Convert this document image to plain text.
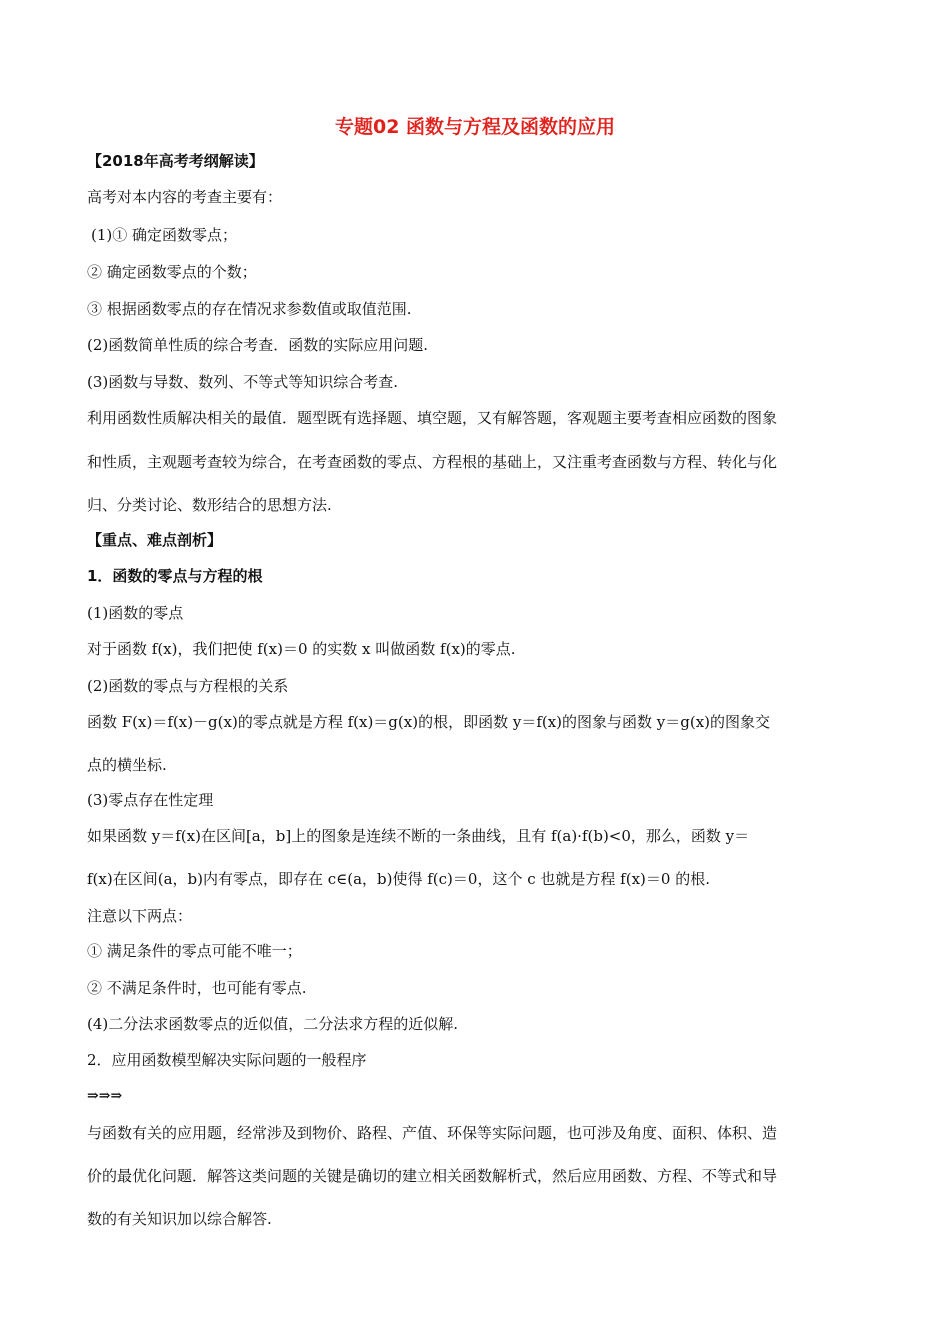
专题02 函数与方程及函数的应用
【2018年高考考纲解读】
高考对本内容的考查主要有：
(1)① 确定函数零点；
② 确定函数零点的个数；
③ 根据函数零点的存在情况求参数值或取值范围.
(2)函数简单性质的综合考查．函数的实际应用问题.
(3)函数与导数、数列、不等式等知识综合考查.
利用函数性质解决相关的最值．题型既有选择题、填空题，又有解答题，客观题主要考查相应函数的图象
和性质，主观题考查较为综合，在考查函数的零点、方程根的基础上，又注重考查函数与方程、转化与化
归、分类讨论、数形结合的思想方法.
【重点、难点剖析】
1．函数的零点与方程的根
(1)函数的零点
对于函数 f(x)，我们把使 f(x)＝0 的实数 x 叫做函数 f(x)的零点.
(2)函数的零点与方程根的关系
函数 F(x)＝f(x)－g(x)的零点就是方程 f(x)＝g(x)的根，即函数 y＝f(x)的图象与函数 y＝g(x)的图象交
点的横坐标.
(3)零点存在性定理
如果函数 y＝f(x)在区间[a，b]上的图象是连续不断的一条曲线，且有 f(a)·f(b)<0，那么，函数 y＝
f(x)在区间(a，b)内有零点，即存在 c∈(a，b)使得 f(c)＝0，这个 c 也就是方程 f(x)＝0 的根.
注意以下两点：
① 满足条件的零点可能不唯一；
② 不满足条件时，也可能有零点.
(4)二分法求函数零点的近似值，二分法求方程的近似解.
2．应用函数模型解决实际问题的一般程序
⇒⇒⇒
与函数有关的应用题，经常涉及到物价、路程、产值、环保等实际问题，也可涉及角度、面积、体积、造
价的最优化问题．解答这类问题的关键是确切的建立相关函数解析式，然后应用函数、方程、不等式和导
数的有关知识加以综合解答.
